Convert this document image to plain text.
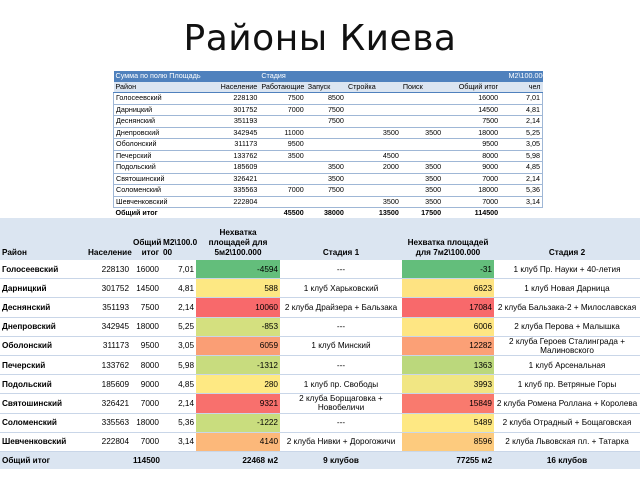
Районы Киева
Сумма по полю Площадь		Стадия						М2\100.000
Район	Население	Работающие	Запуск	Стройка	Поиск	Общий итог		чел
Голосеевский	228130	7500	8500			16000		7,01
Дарницкий	301752	7000	7500			14500		4,81
Деснянский	351193		7500			7500		2,14
Днепровский	342945	11000		3500	3500	18000		5,25
Оболонский	311173	9500				9500		3,05
Печерский	133762	3500		4500		8000		5,98
Подольский	185609		3500	2000	3500	9000		4,85
Святошинский	326421		3500		3500	7000		2,14
Соломенский	335563	7000	7500		3500	18000		5,36
Шевченковский	222804			3500	3500	7000		3,14
Общий итог		45500	38000	13500	17500	114500		
Район	Население	Общий итог	М2\100.0 00	Нехватка площадей для 5м2\100.000	Стадия 1	Нехватка площадей для 7м2\100.000	Стадия 2
Голосеевский	228130	16000	7,01	-4594	---	-31	1 клуб Пр. Науки + 40-летия
Дарницкий	301752	14500	4,81	588	1 клуб Харьковский	6623	1 клуб Новая Дарница
Деснянский	351193	7500	2,14	10060	2 клуба Драйзера + Бальзака	17084	2 клуба Бальзака-2 + Милославская
Днепровский	342945	18000	5,25	-853	---	6006	2 клуба Перова + Малышка
Оболонский	311173	9500	3,05	6059	1 клуб Минский	12282	2 клуба Героев Сталинграда + Малиновского
Печерский	133762	8000	5,98	-1312	---	1363	1 клуб Арсенальная
Подольский	185609	9000	4,85	280	1 клуб пр. Свободы	3993	1 клуб пр. Ветряные Горы
Святошинский	326421	7000	2,14	9321	2 клуба Борщаговка + Новобеличи	15849	2 клуба Ромена Роллана + Королева
Соломенский	335563	18000	5,36	-1222	---	5489	2 клуба Отрадный + Бощаговская
Шевченковский	222804	7000	3,14	4140	2 клуба Нивки + Дорогожичи	8596	2 клуба Львовская пл. + Татарка
Общий итог		114500		22468 м2	9 клубов	77255 м2	16 клубов
